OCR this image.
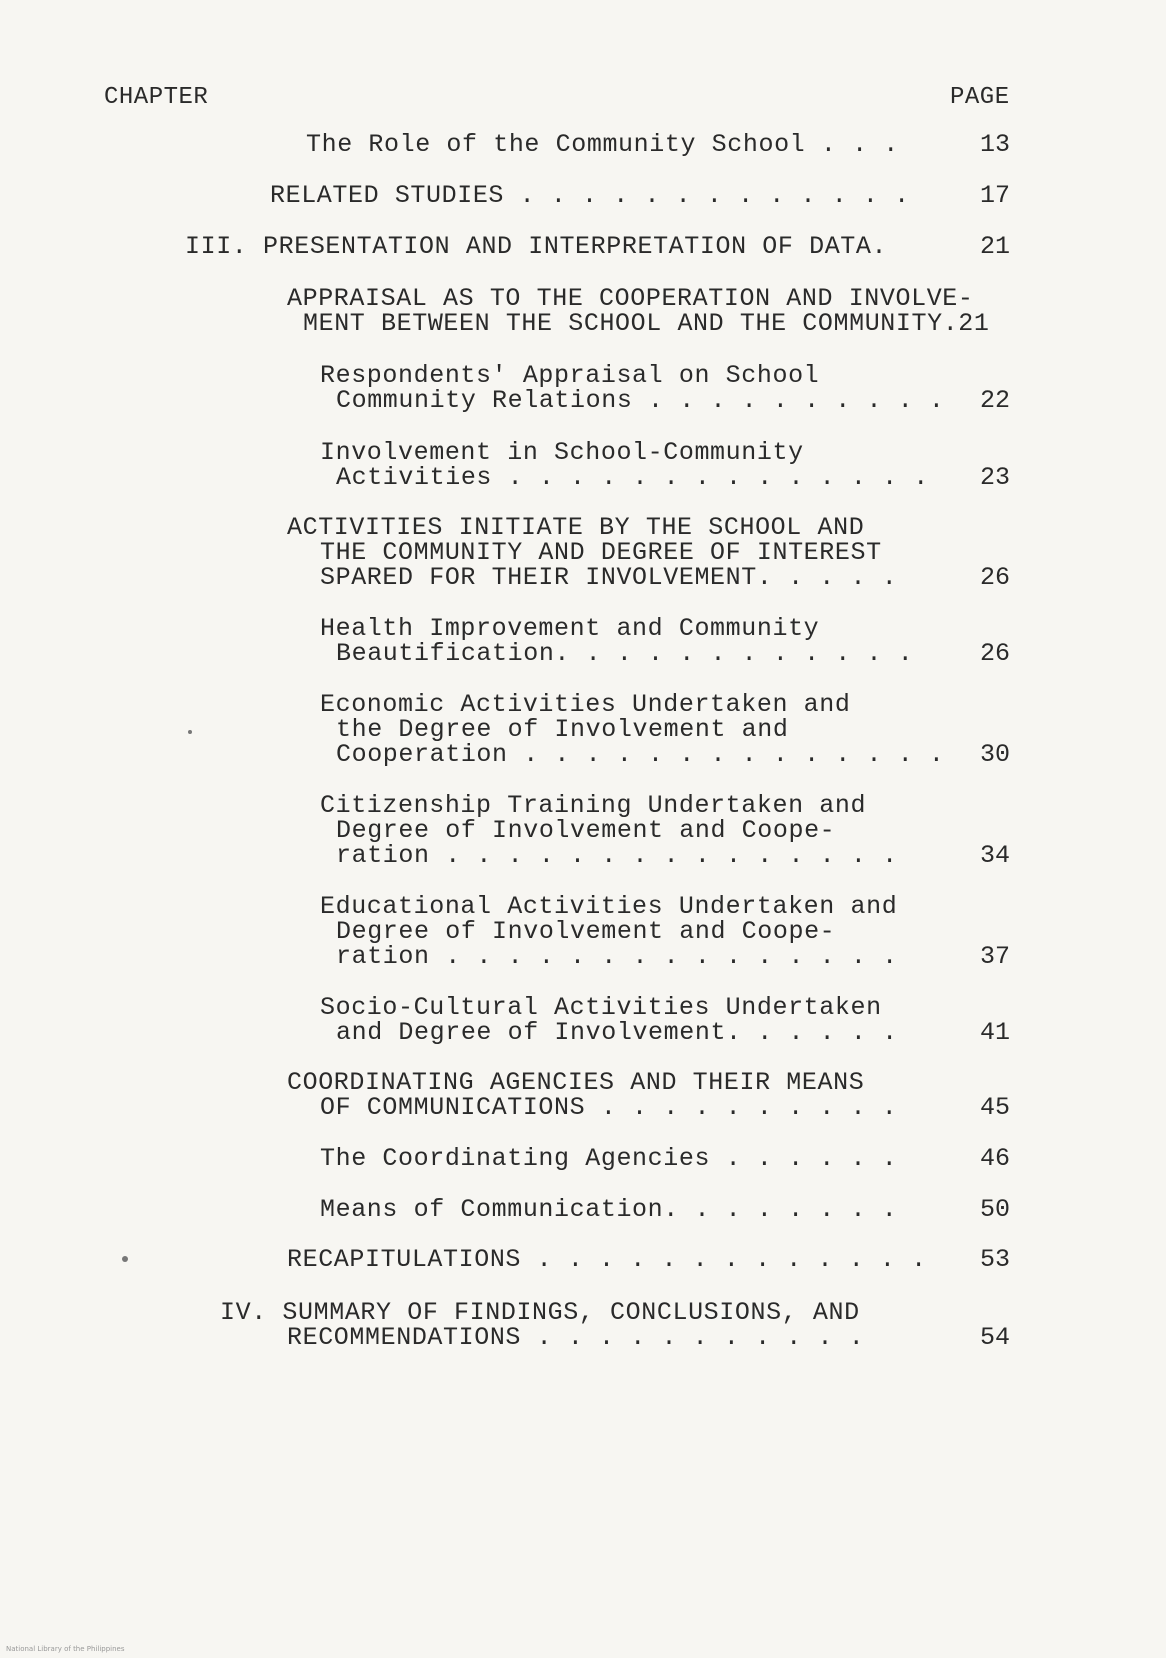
CHAPTER	PAGE
The Role of the Community School . . .	13
RELATED STUDIES . . . . . . . . . . . . .	17
III. PRESENTATION AND INTERPRETATION OF DATA.	21
APPRAISAL AS TO THE COOPERATION AND INVOLVE-
MENT BETWEEN THE SCHOOL AND THE COMMUNITY.21
Respondents' Appraisal on School
Community Relations . . . . . . . . . . 22
Involvement in School-Community
Activities . . . . . . . . . . . . . . 23
ACTIVITIES INITIATE BY THE SCHOOL AND
THE COMMUNITY AND DEGREE OF INTEREST
SPARED FOR THEIR INVOLVEMENT. . . . .	26
Health Improvement and Community
Beautification. . . . . . . . . . . .	26
Economic Activities Undertaken and
the Degree of Involvement and
Cooperation . . . . . . . . . . . . . . 30
Citizenship Training Undertaken and
Degree of Involvement and Coope-
ration . . . . . . . . . . . . . . .	34
Educational Activities Undertaken and
Degree of Involvement and Coope-
ration . . . . . . . . . . . . . . .	37
Socio-Cultural Activities Undertaken
and Degree of Involvement. . . . . .	41
COORDINATING AGENCIES AND THEIR MEANS
OF COMMUNICATIONS . . . . . . . . . .	45
The Coordinating Agencies . . . . . .	46
Means of Communication. . . . . . . .	50
RECAPITULATIONS . . . . . . . . . . . . . 53
IV. SUMMARY OF FINDINGS, CONCLUSIONS, AND
RECOMMENDATIONS . . . . . . . . . . .	54
National Library of the Philippines
